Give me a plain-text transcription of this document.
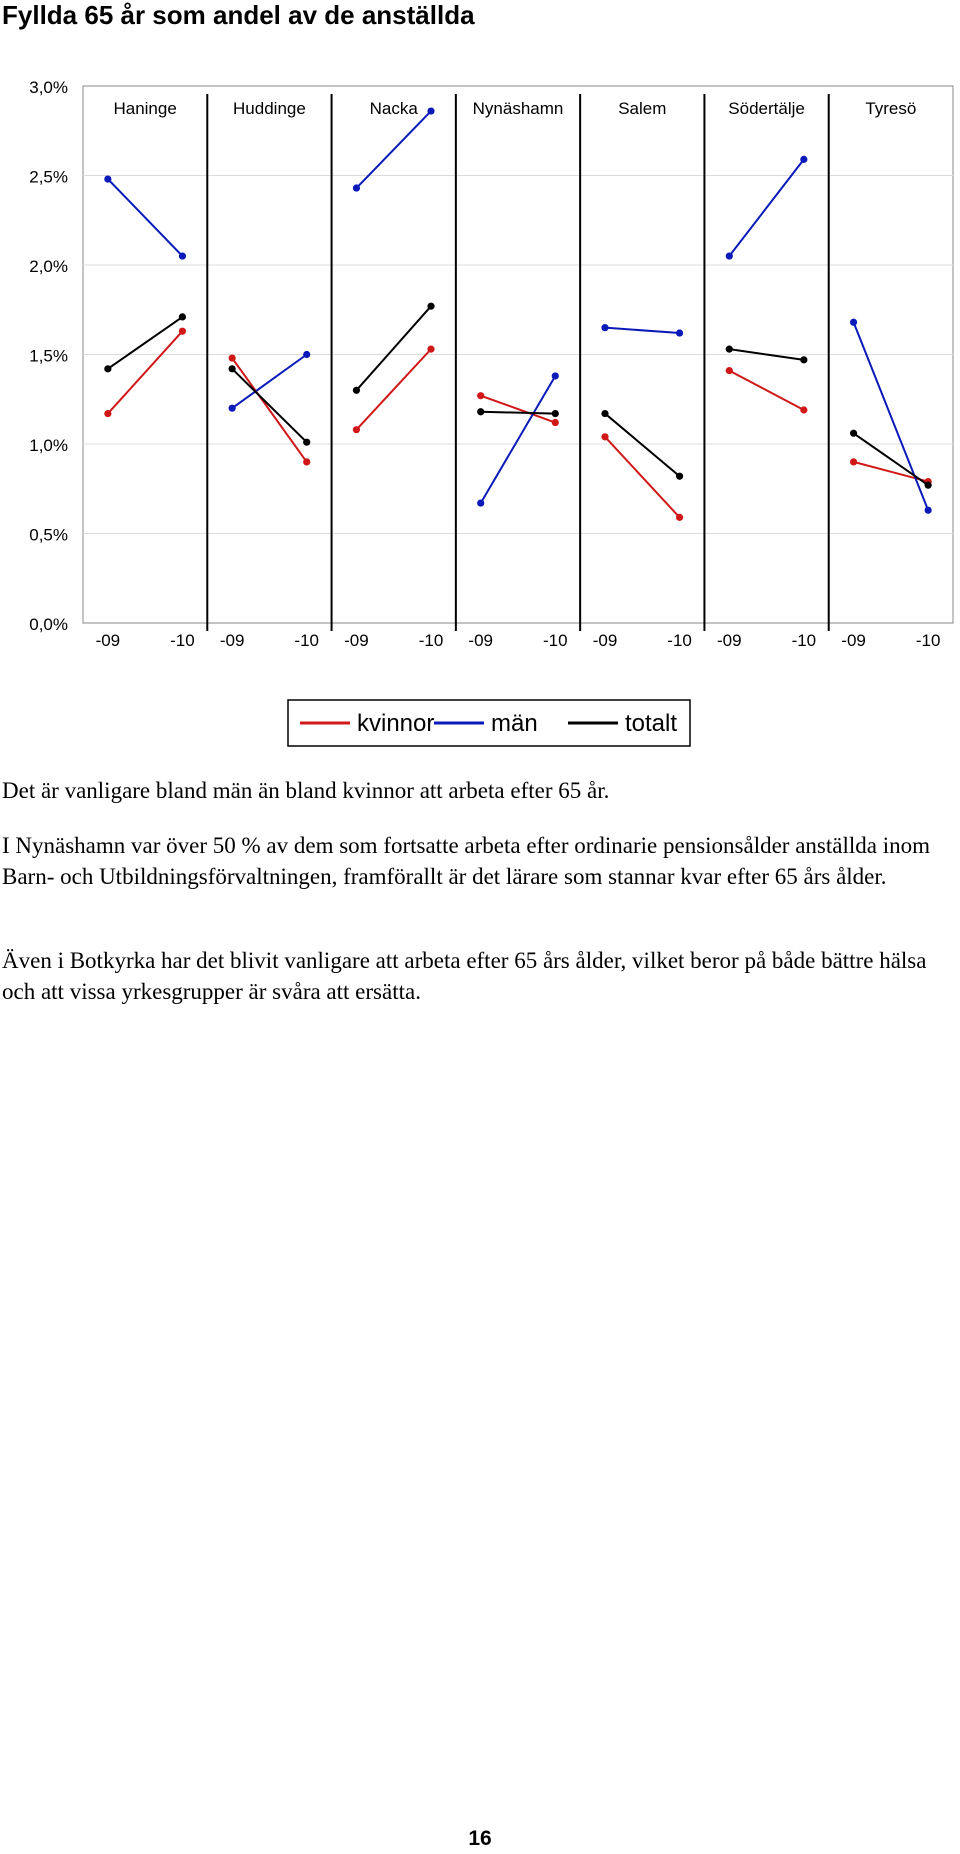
Fyllda 65 år som andel av de anställda
0,0%
0,5%
1,0%
1,5%
2,0%
2,5%
3,0%
Haninge
-09	-10
Huddinge
-09	-10
Nacka
-09	-10
Nynäshamn
-09	-10
Salem
-09	-10
Södertälje
-09	-10
Tyresö
-09	-10
kvinnor män	totalt

Det är vanligare bland män än bland kvinnor att arbeta efter 65 år.

I Nynäshamn var över 50 % av dem som fortsatte arbeta efter ordinarie pensionsålder anställda inom Barn- och Utbildningsförvaltningen, framförallt är det lärare som stannar kvar efter 65 års ålder.

Även i Botkyrka har det blivit vanligare att arbeta efter 65 års ålder, vilket beror på både bättre hälsa och att vissa yrkesgrupper är svåra att ersätta.

16
